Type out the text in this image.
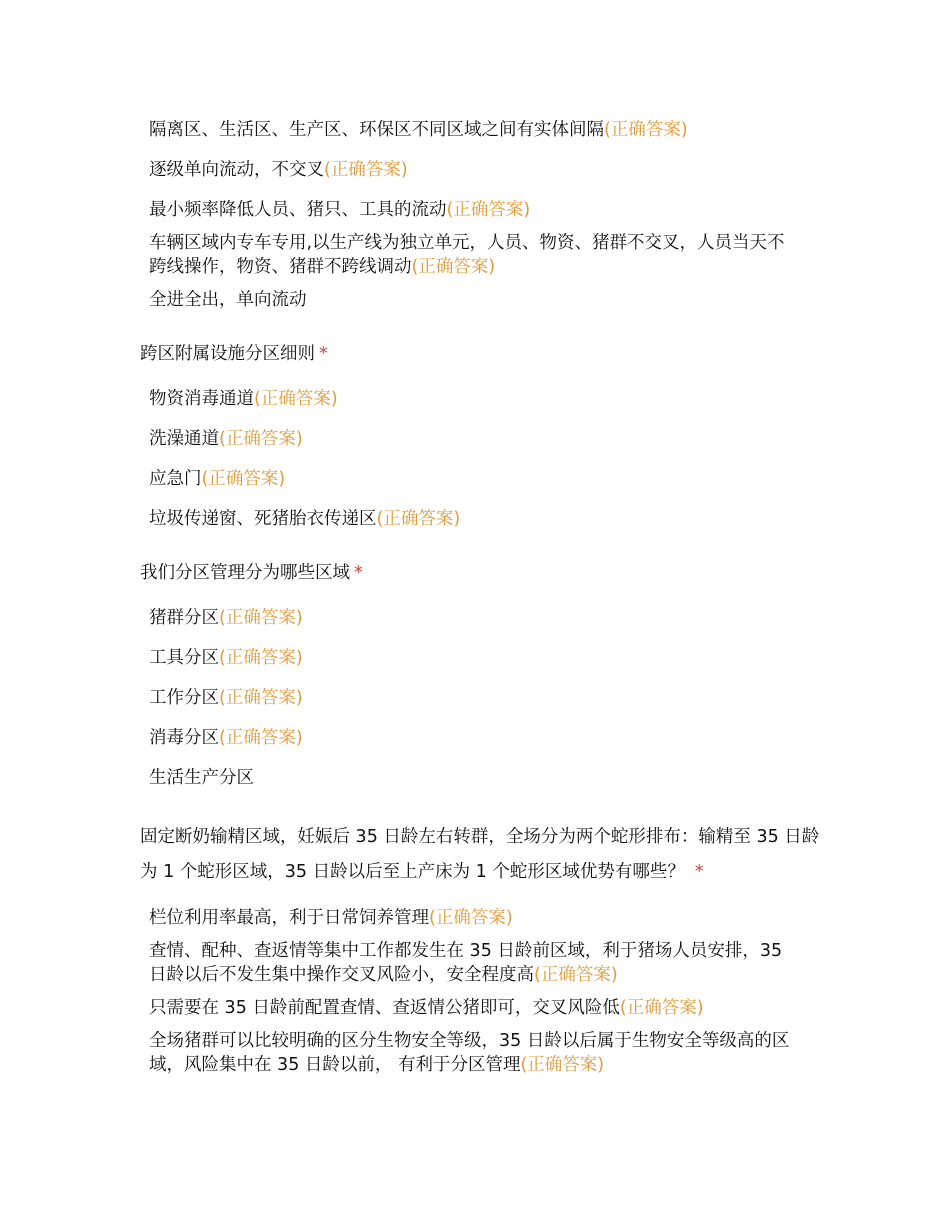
隔离区、生活区、生产区、环保区不同区域之间有实体间隔(正确答案)
逐级单向流动，不交叉(正确答案)
最小频率降低人员、猪只、工具的流动(正确答案)
车辆区域内专车专用,以生产线为独立单元，人员、物资、猪群不交叉，人员当天不跨线操作，物资、猪群不跨线调动(正确答案)
全进全出，单向流动
跨区附属设施分区细则 *
物资消毒通道(正确答案)
洗澡通道(正确答案)
应急门(正确答案)
垃圾传递窗、死猪胎衣传递区(正确答案)
我们分区管理分为哪些区域 *
猪群分区(正确答案)
工具分区(正确答案)
工作分区(正确答案)
消毒分区(正确答案)
生活生产分区
固定断奶输精区域，妊娠后 35 日龄左右转群，全场分为两个蛇形排布：输精至 35 日龄为 1 个蛇形区域，35 日龄以后至上产床为 1 个蛇形区域优势有哪些？ *
栏位利用率最高，利于日常饲养管理(正确答案)
查情、配种、查返情等集中工作都发生在 35 日龄前区域，利于猪场人员安排，35 日龄以后不发生集中操作交叉风险小，安全程度高(正确答案)
只需要在 35 日龄前配置查情、查返情公猪即可，交叉风险低(正确答案)
全场猪群可以比较明确的区分生物安全等级，35 日龄以后属于生物安全等级高的区域，风险集中在 35 日龄以前， 有利于分区管理(正确答案)
